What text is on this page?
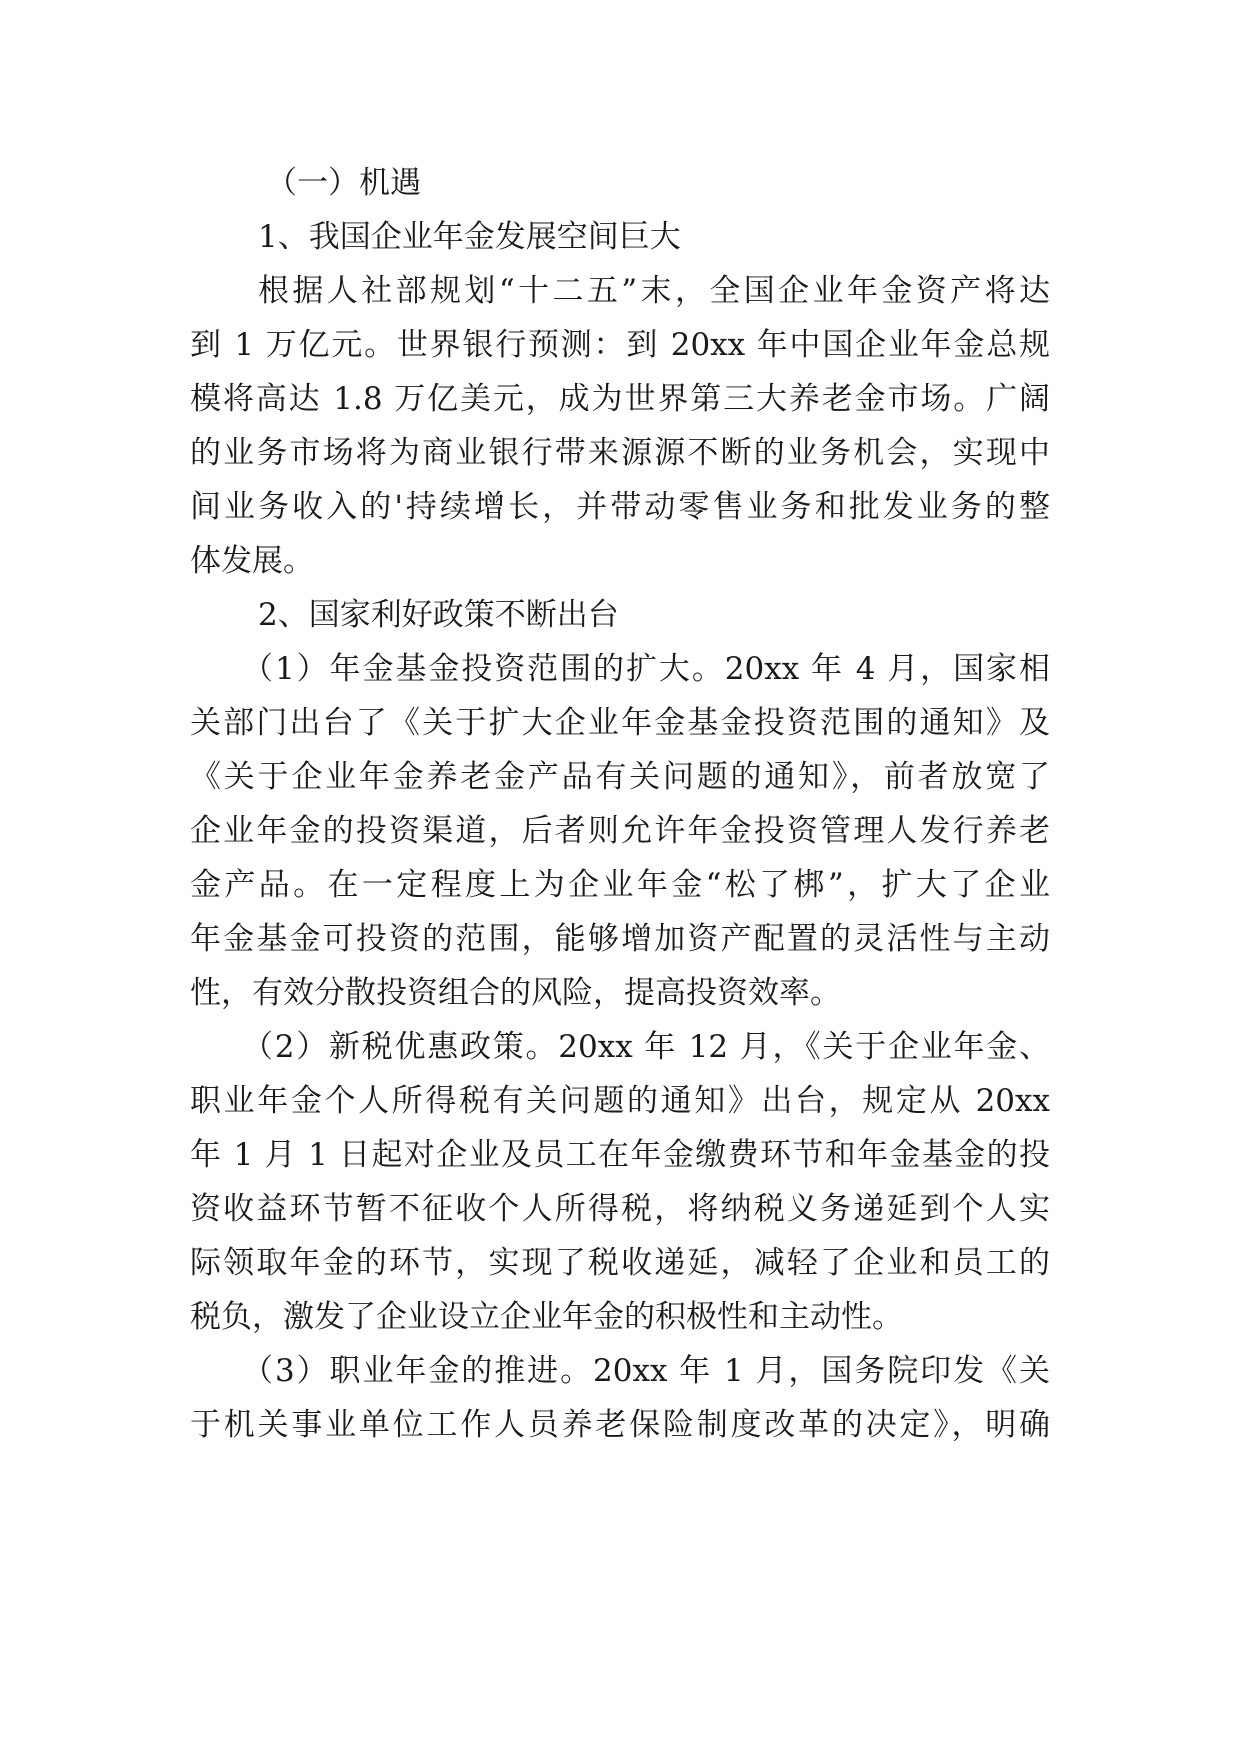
（一）机遇
1、我国企业年金发展空间巨大
根据人社部规划“十二五”末，全国企业年金资产将达
到 1 万亿元。世界银行预测：到 20xx 年中国企业年金总规
模将高达 1.8 万亿美元，成为世界第三大养老金市场。广阔
的业务市场将为商业银行带来源源不断的业务机会，实现中
间业务收入的'持续增长，并带动零售业务和批发业务的整
体发展。
2、国家利好政策不断出台
（1）年金基金投资范围的扩大。20xx 年 4 月，国家相
关部门出台了《关于扩大企业年金基金投资范围的通知》及
《关于企业年金养老金产品有关问题的通知》，前者放宽了
企业年金的投资渠道，后者则允许年金投资管理人发行养老
金产品。在一定程度上为企业年金“松了梆”，扩大了企业
年金基金可投资的范围，能够增加资产配置的灵活性与主动
性，有效分散投资组合的风险，提高投资效率。
（2）新税优惠政策。20xx 年 12 月，《关于企业年金、
职业年金个人所得税有关问题的通知》出台，规定从 20xx
年 1 月 1 日起对企业及员工在年金缴费环节和年金基金的投
资收益环节暂不征收个人所得税，将纳税义务递延到个人实
际领取年金的环节，实现了税收递延，减轻了企业和员工的
税负，激发了企业设立企业年金的积极性和主动性。
（3）职业年金的推进。20xx 年 1 月，国务院印发《关
于机关事业单位工作人员养老保险制度改革的决定》，明确
